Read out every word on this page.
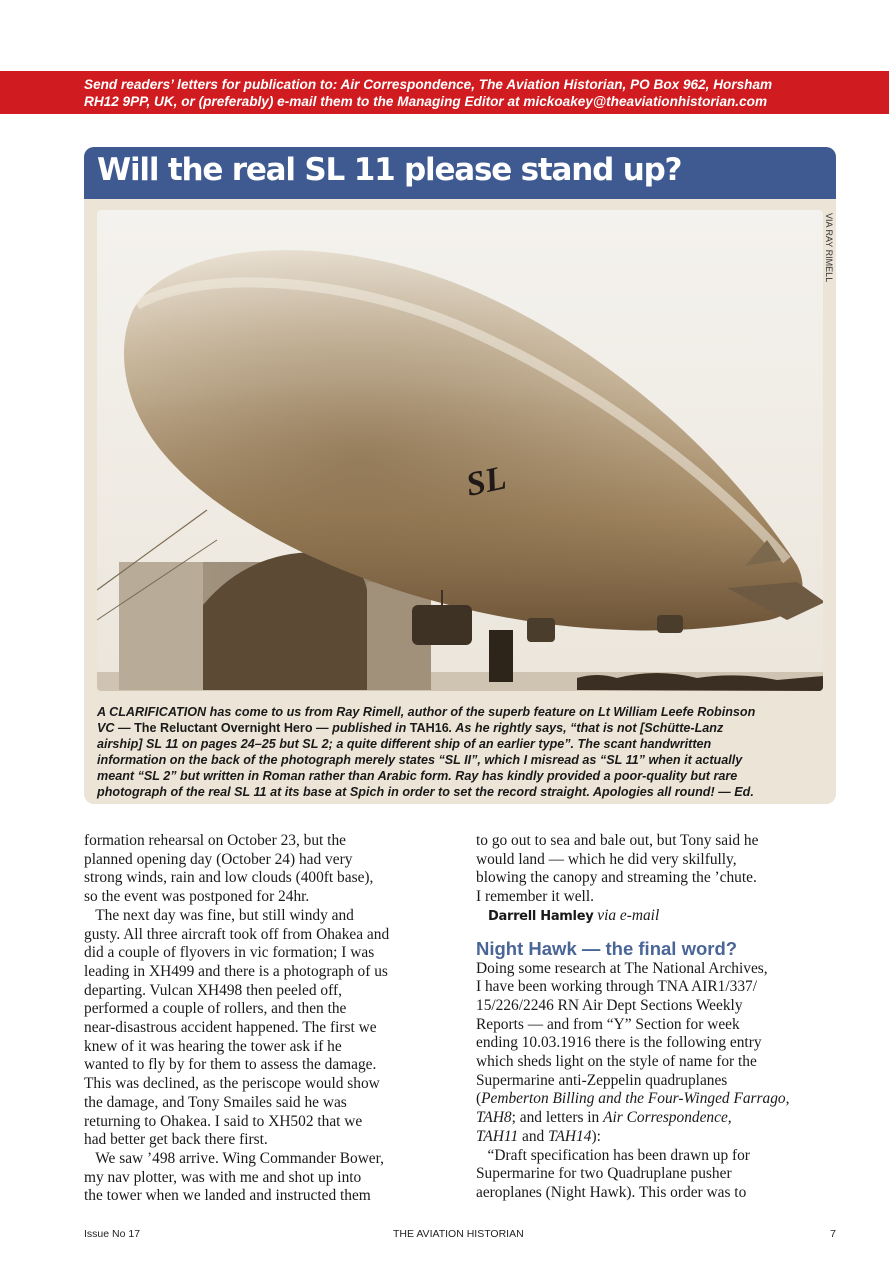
Send readers’ letters for publication to: Air Correspondence, The Aviation Historian, PO Box 962, Horsham
RH12 9PP, UK, or (preferably) e-mail them to the Managing Editor at mickoakey@theaviationhistorian.com
Will the real SL 11 please stand up?
SL
VIA RAY RIMELL
A CLARIFICATION has come to us from Ray Rimell, author of the superb feature on Lt William Leefe Robinson
VC — The Reluctant Overnight Hero — published in TAH16. As he rightly says, “that is not [Schütte-Lanz
airship] SL 11 on pages 24–25 but SL 2; a quite different ship of an earlier type”. The scant handwritten
information on the back of the photograph merely states “SL II”, which I misread as “SL 11” when it actually
meant “SL 2” but written in Roman rather than Arabic form. Ray has kindly provided a poor-quality but rare
photograph of the real SL 11 at its base at Spich in order to set the record straight. Apologies all round! — Ed.
formation rehearsal on October 23, but the
planned opening day (October 24) had very
strong winds, rain and low clouds (400ft base),
so the event was postponed for 24hr.
The next day was fine, but still windy and
gusty. All three aircraft took off from Ohakea and
did a couple of flyovers in vic formation; I was
leading in XH499 and there is a photograph of us
departing. Vulcan XH498 then peeled off,
performed a couple of rollers, and then the
near-disastrous accident happened. The first we
knew of it was hearing the tower ask if he
wanted to fly by for them to assess the damage.
This was declined, as the periscope would show
the damage, and Tony Smailes said he was
returning to Ohakea. I said to XH502 that we
had better get back there first.
We saw ’498 arrive. Wing Commander Bower,
my nav plotter, was with me and shot up into
the tower when we landed and instructed them
to go out to sea and bale out, but Tony said he
would land — which he did very skilfully,
blowing the canopy and streaming the ’chute.
I remember it well.
Darrell Hamley via e-mail
Night Hawk — the final word?
Doing some research at The National Archives,
I have been working through TNA AIR1/337/
15/226/2246 RN Air Dept Sections Weekly
Reports — and from “Y” Section for week
ending 10.03.1916 there is the following entry
which sheds light on the style of name for the
Supermarine anti-Zeppelin quadruplanes
(Pemberton Billing and the Four-Winged Farrago,
TAH8; and letters in Air Correspondence,
TAH11 and TAH14):
“Draft specification has been drawn up for
Supermarine for two Quadruplane pusher
aeroplanes (Night Hawk). This order was to
Issue No 17	THE AVIATION HISTORIAN	7
